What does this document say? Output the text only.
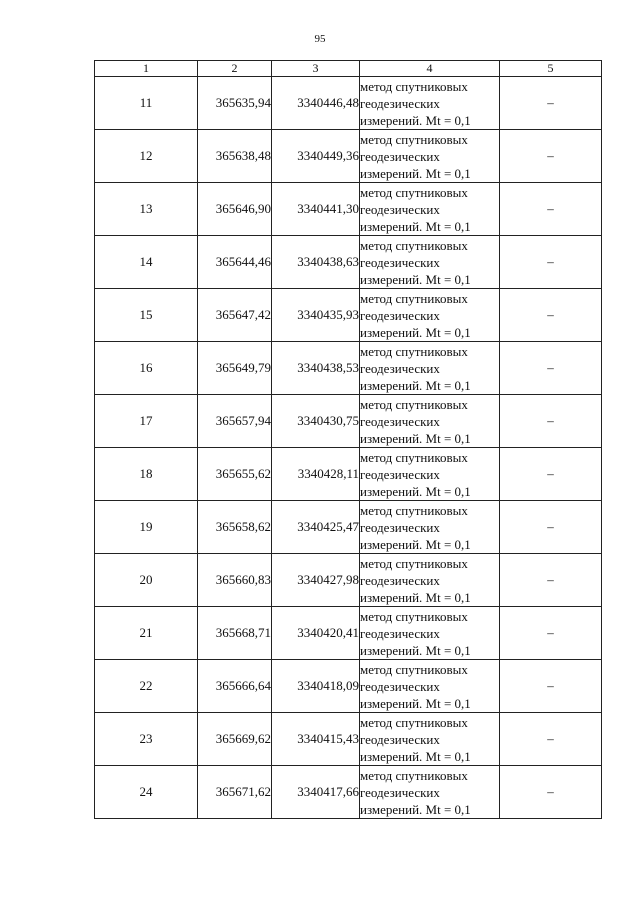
95
1	2	3	4	5
11	365635,94	3340446,48	метод спутниковых
геодезических
измерений. Mt = 0,1	–
12	365638,48	3340449,36	метод спутниковых
геодезических
измерений. Mt = 0,1	–
13	365646,90	3340441,30	метод спутниковых
геодезических
измерений. Mt = 0,1	–
14	365644,46	3340438,63	метод спутниковых
геодезических
измерений. Mt = 0,1	–
15	365647,42	3340435,93	метод спутниковых
геодезических
измерений. Mt = 0,1	–
16	365649,79	3340438,53	метод спутниковых
геодезических
измерений. Mt = 0,1	–
17	365657,94	3340430,75	метод спутниковых
геодезических
измерений. Mt = 0,1	–
18	365655,62	3340428,11	метод спутниковых
геодезических
измерений. Mt = 0,1	–
19	365658,62	3340425,47	метод спутниковых
геодезических
измерений. Mt = 0,1	–
20	365660,83	3340427,98	метод спутниковых
геодезических
измерений. Mt = 0,1	–
21	365668,71	3340420,41	метод спутниковых
геодезических
измерений. Mt = 0,1	–
22	365666,64	3340418,09	метод спутниковых
геодезических
измерений. Mt = 0,1	–
23	365669,62	3340415,43	метод спутниковых
геодезических
измерений. Mt = 0,1	–
24	365671,62	3340417,66	метод спутниковых
геодезических
измерений. Mt = 0,1	–
